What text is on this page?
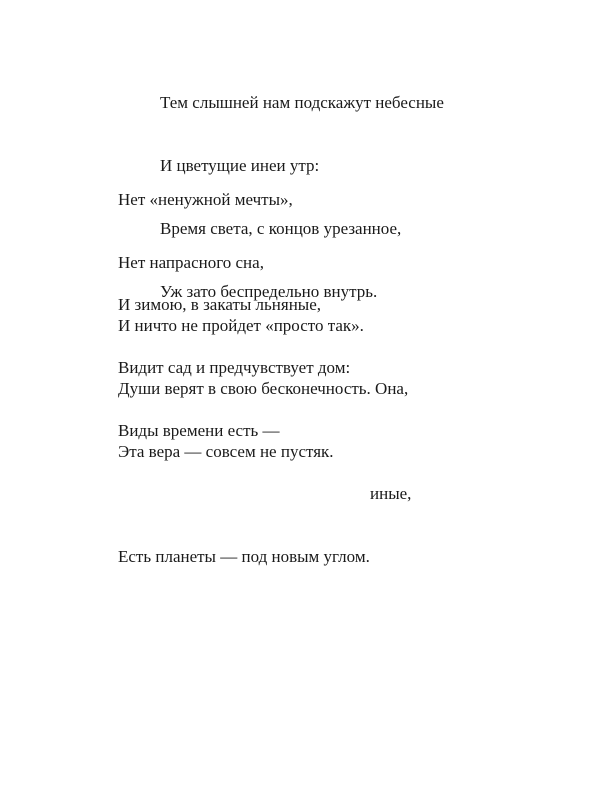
Тем слышней нам подскажут небесные

И цветущие инеи утр:

Время света, с концов урезанное,

Уж зато беспредельно внутрь.

Нет «ненужной мечты»,

Нет напрасного сна,

И ничто не пройдет «просто так».

Души верят в свою бесконечность. Она,

Эта вера — совсем не пустяк.

И зимою, в закаты льняные,

Видит сад и предчувствует дом:

Виды времени есть —

иные,

Есть планеты — под новым углом.
